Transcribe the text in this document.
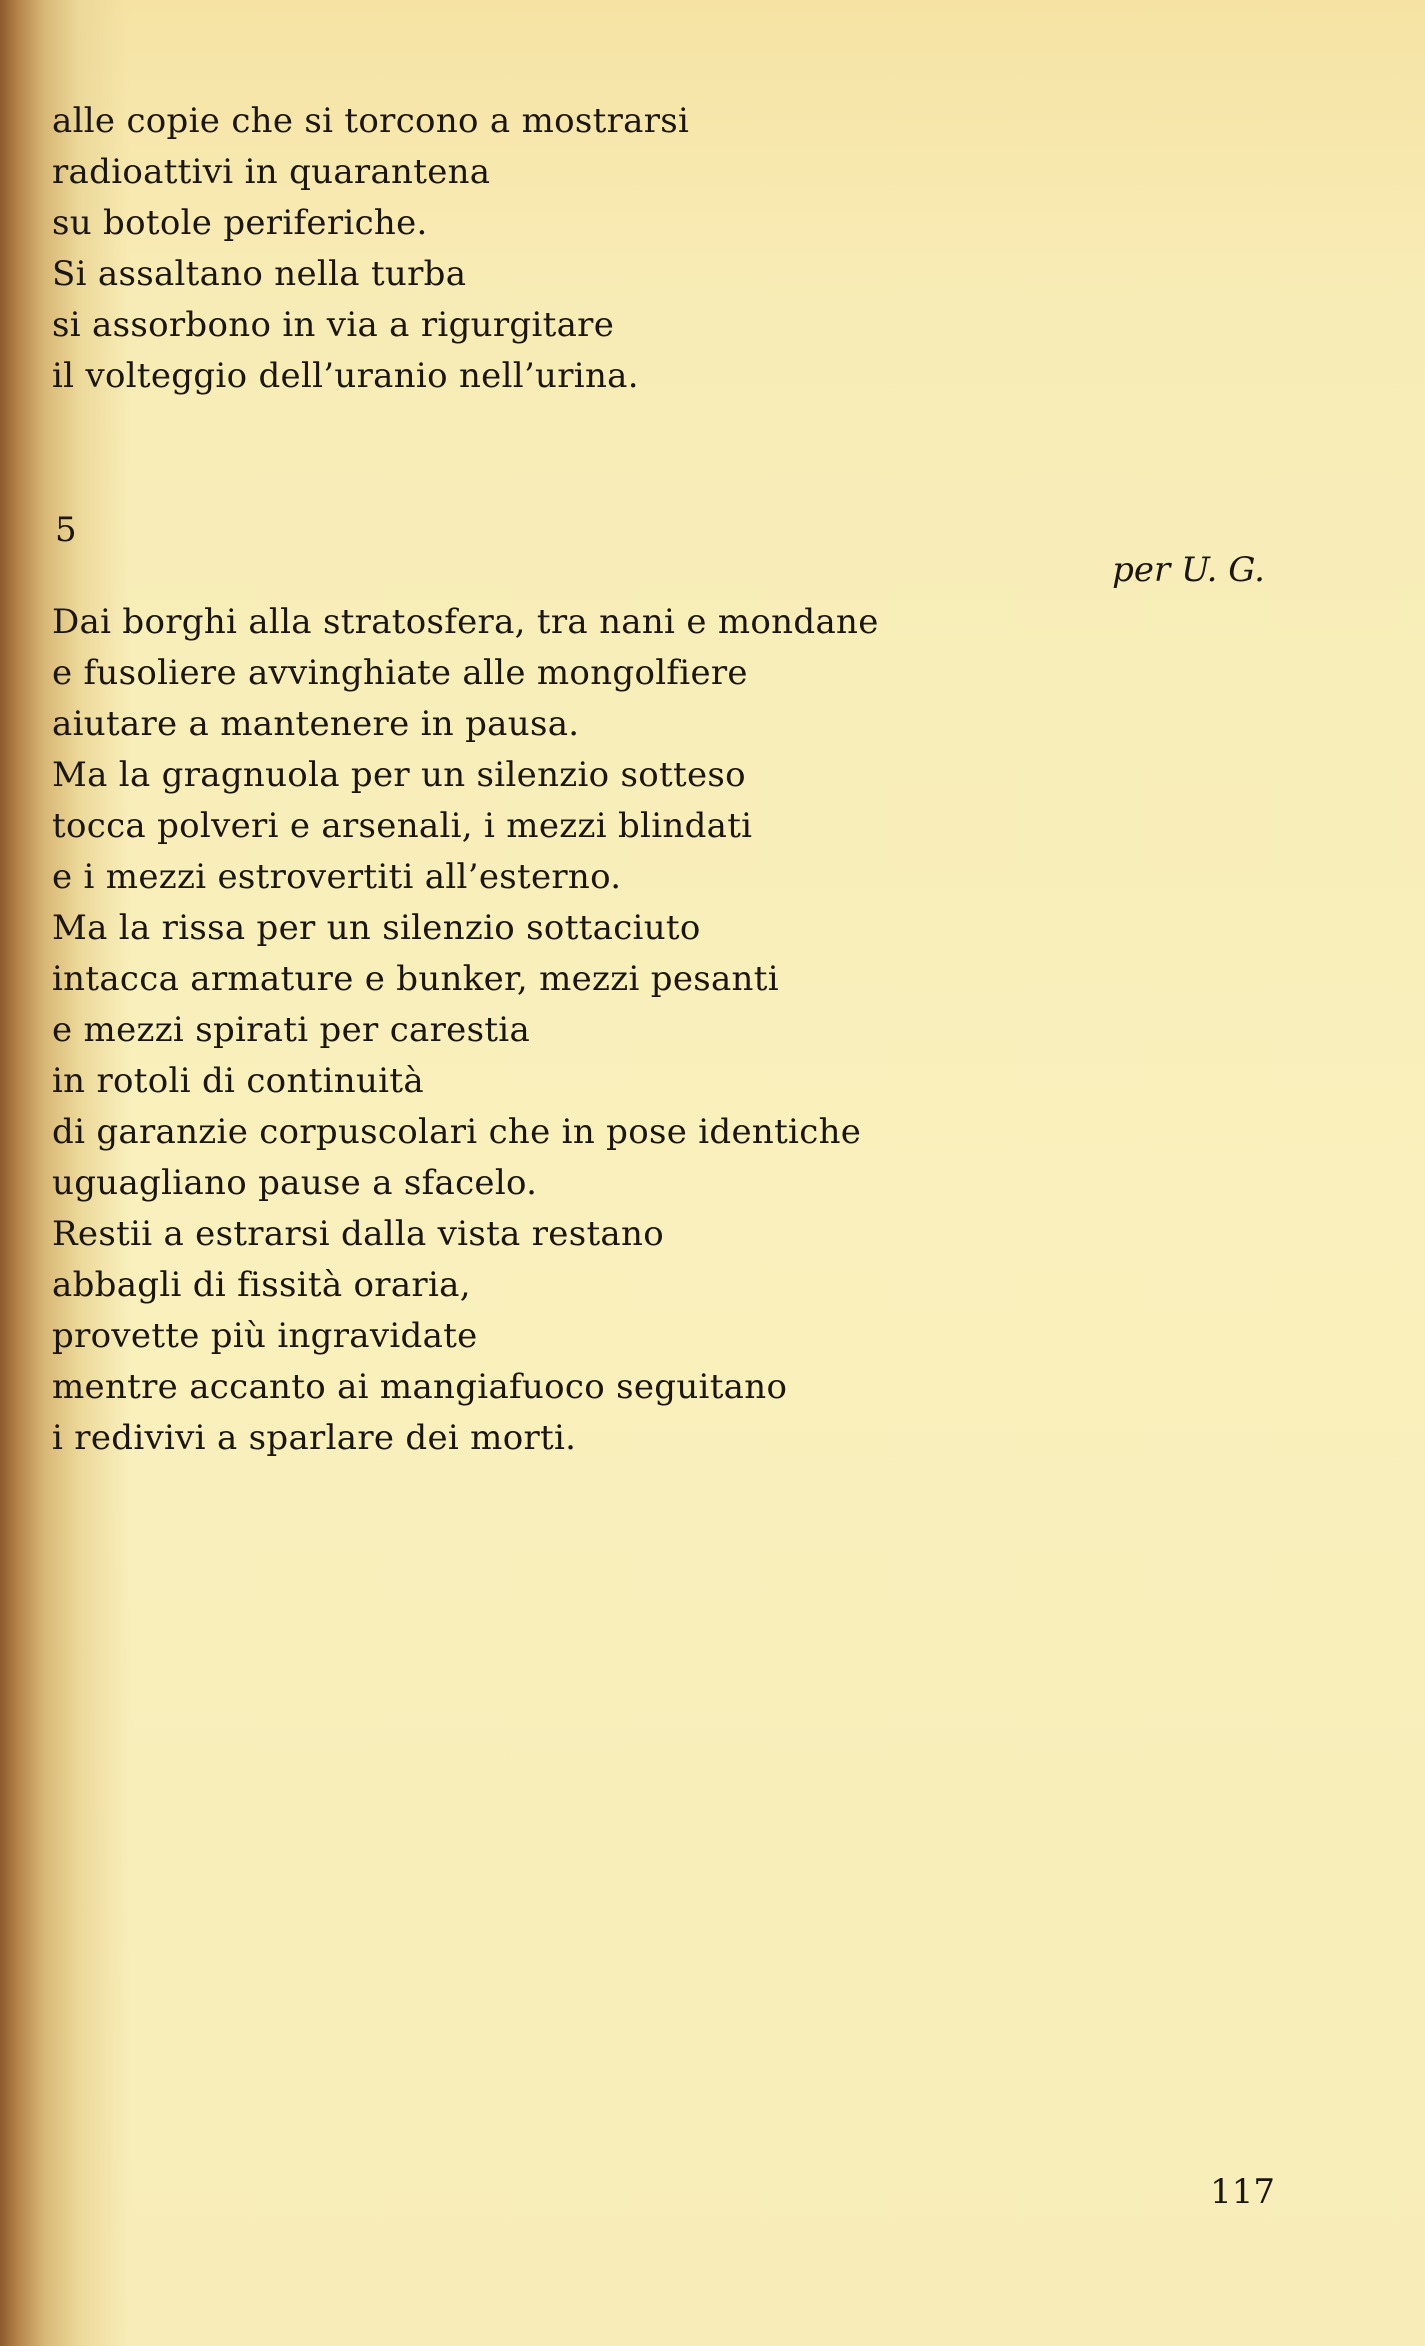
alle copie che si torcono a mostrarsi
radioattivi in quarantena
su botole periferiche.
Si assaltano nella turba
si assorbono in via a rigurgitare
il volteggio dell’uranio nell’urina.
5
per U. G.
Dai borghi alla stratosfera, tra nani e mondane
e fusoliere avvinghiate alle mongolfiere
aiutare a mantenere in pausa.
Ma la gragnuola per un silenzio sotteso
tocca polveri e arsenali, i mezzi blindati
e i mezzi estrovertiti all’esterno.
Ma la rissa per un silenzio sottaciuto
intacca armature e bunker, mezzi pesanti
e mezzi spirati per carestia
in rotoli di continuità
di garanzie corpuscolari che in pose identiche
uguagliano pause a sfacelo.
Restii a estrarsi dalla vista restano
abbagli di fissità oraria,
provette più ingravidate
mentre accanto ai mangiafuoco seguitano
i redivivi a sparlare dei morti.
117
